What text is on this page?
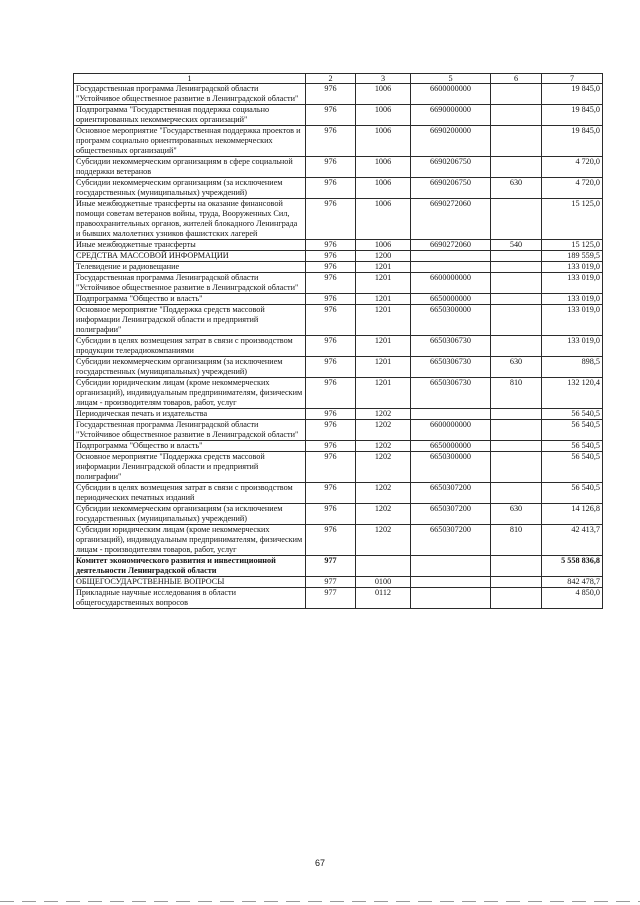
1	2	3	5	6	7
Государственная программа Ленинградской области "Устойчивое общественное развитие в Ленинградской области"	976	1006	6600000000		19 845,0
Подпрограмма "Государственная поддержка социально ориентированных некоммерческих организаций"	976	1006	6690000000		19 845,0
Основное мероприятие "Государственная поддержка проектов и программ социально ориентированных некоммерческих общественных организаций"	976	1006	6690200000		19 845,0
Субсидии некоммерческим организациям в сфере социальной поддержки ветеранов	976	1006	6690206750		4 720,0
Субсидии некоммерческим организациям (за исключением государственных (муниципальных) учреждений)	976	1006	6690206750	630	4 720,0
Иные межбюджетные трансферты на оказание финансовой помощи советам ветеранов войны, труда, Вооруженных Сил, правоохранительных органов, жителей блокадного Ленинграда и бывших малолетних узников фашистских лагерей	976	1006	6690272060		15 125,0
Иные межбюджетные трансферты	976	1006	6690272060	540	15 125,0
СРЕДСТВА МАССОВОЙ ИНФОРМАЦИИ	976	1200			189 559,5
Телевидение и радиовещание	976	1201			133 019,0
Государственная программа Ленинградской области "Устойчивое общественное развитие в Ленинградской области"	976	1201	6600000000		133 019,0
Подпрограмма "Общество и власть"	976	1201	6650000000		133 019,0
Основное мероприятие "Поддержка средств массовой информации Ленинградской области и предприятий полиграфии"	976	1201	6650300000		133 019,0
Субсидии в целях возмещения затрат в связи с производством продукции телерадиокомпаниями	976	1201	6650306730		133 019,0
Субсидии некоммерческим организациям (за исключением государственных (муниципальных) учреждений)	976	1201	6650306730	630	898,5
Субсидии юридическим лицам (кроме некоммерческих организаций), индивидуальным предпринимателям, физическим лицам - производителям товаров, работ, услуг	976	1201	6650306730	810	132 120,4
Периодическая печать и издательства	976	1202			56 540,5
Государственная программа Ленинградской области "Устойчивое общественное развитие в Ленинградской области"	976	1202	6600000000		56 540,5
Подпрограмма "Общество и власть"	976	1202	6650000000		56 540,5
Основное мероприятие "Поддержка средств массовой информации Ленинградской области и предприятий полиграфии"	976	1202	6650300000		56 540,5
Субсидии в целях возмещения затрат в связи с производством периодических печатных изданий	976	1202	6650307200		56 540,5
Субсидии некоммерческим организациям (за исключением государственных (муниципальных) учреждений)	976	1202	6650307200	630	14 126,8
Субсидии юридическим лицам (кроме некоммерческих организаций), индивидуальным предпринимателям, физическим лицам - производителям товаров, работ, услуг	976	1202	6650307200	810	42 413,7
Комитет экономического развития и инвестиционной деятельности Ленинградской области	977				5 558 836,8
ОБЩЕГОСУДАРСТВЕННЫЕ ВОПРОСЫ	977	0100			842 478,7
Прикладные научные исследования в области общегосударственных вопросов	977	0112			4 850,0
67
